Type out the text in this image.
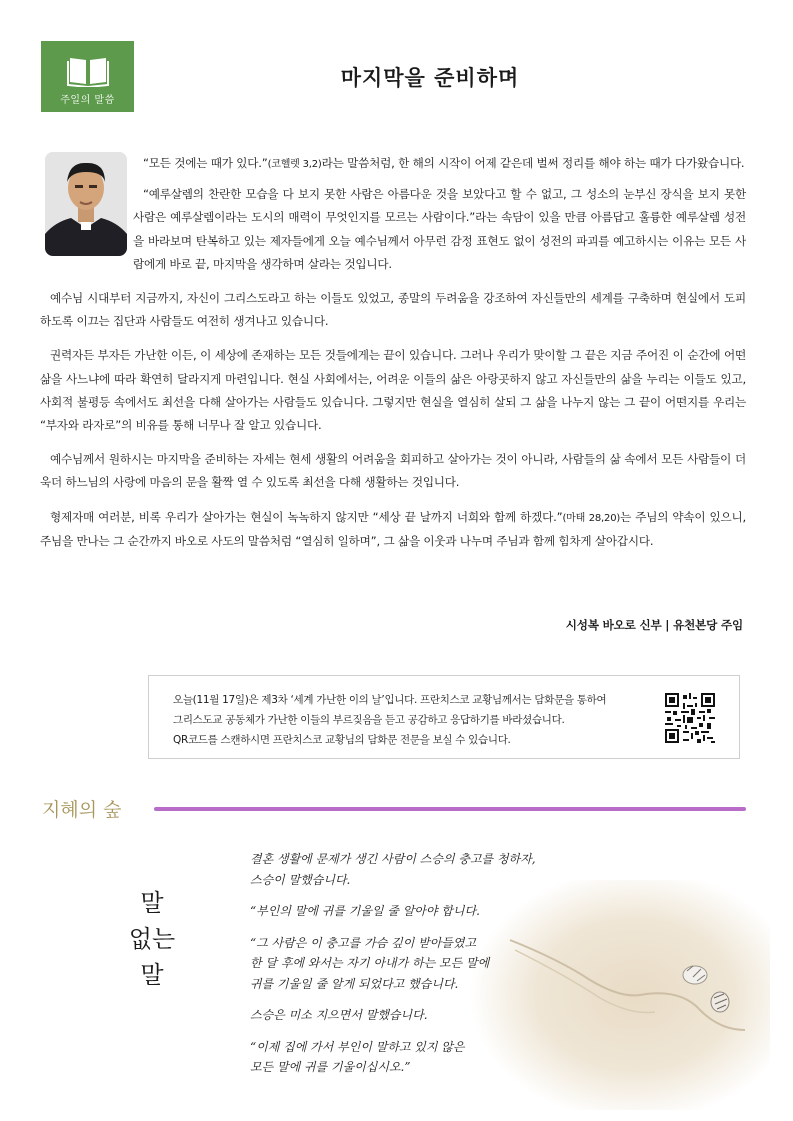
주일의 말씀
마지막을 준비하며

“모든 것에는 때가 있다.”(코헬렛 3,2)라는 말씀처럼, 한 해의 시작이 어제 같은데 벌써 정리를 해야 하는 때가 다가왔습니다.

“예루살렘의 찬란한 모습을 다 보지 못한 사람은 아름다운 것을 보았다고 할 수 없고, 그 성소의 눈부신 장식을 보지 못한 사람은 예루살렘이라는 도시의 매력이 무엇인지를 모르는 사람이다.”라는 속담이 있을 만큼 아름답고 훌륭한 예루살렘 성전을 바라보며 탄복하고 있는 제자들에게 오늘 예수님께서 아무런 감정 표현도 없이 성전의 파괴를 예고하시는 이유는 모든 사람에게 바로 끝, 마지막을 생각하며 살라는 것입니다.

예수님 시대부터 지금까지, 자신이 그리스도라고 하는 이들도 있었고, 종말의 두려움을 강조하여 자신들만의 세계를 구축하며 현실에서 도피하도록 이끄는 집단과 사람들도 여전히 생겨나고 있습니다.

권력자든 부자든 가난한 이든, 이 세상에 존재하는 모든 것들에게는 끝이 있습니다. 그러나 우리가 맞이할 그 끝은 지금 주어진 이 순간에 어떤 삶을 사느냐에 따라 확연히 달라지게 마련입니다. 현실 사회에서는, 어려운 이들의 삶은 아랑곳하지 않고 자신들만의 삶을 누리는 이들도 있고, 사회적 불평등 속에서도 최선을 다해 살아가는 사람들도 있습니다. 그렇지만 현실을 열심히 살되 그 삶을 나누지 않는 그 끝이 어떤지를 우리는 “부자와 라자로”의 비유를 통해 너무나 잘 알고 있습니다.

예수님께서 원하시는 마지막을 준비하는 자세는 현세 생활의 어려움을 회피하고 살아가는 것이 아니라, 사람들의 삶 속에서 모든 사람들이 더욱더 하느님의 사랑에 마음의 문을 활짝 열 수 있도록 최선을 다해 생활하는 것입니다.

형제자매 여러분, 비록 우리가 살아가는 현실이 녹녹하지 않지만 “세상 끝 날까지 너희와 함께 하겠다.”(마태 28,20)는 주님의 약속이 있으니, 주님을 만나는 그 순간까지 바오로 사도의 말씀처럼 “열심히 일하며”, 그 삶을 이웃과 나누며 주님과 함께 힘차게 살아갑시다.

시성복 바오로 신부 | 유천본당 주임
오늘(11월 17일)은 제3차 ‘세계 가난한 이의 날’입니다. 프란치스코 교황님께서는 담화문을 통하여
그리스도교 공동체가 가난한 이들의 부르짖음을 듣고 공감하고 응답하기를 바라셨습니다.
QR코드를 스캔하시면 프란치스코 교황님의 담화문 전문을 보실 수 있습니다.
지혜의 숲
말
없는
말

결혼 생활에 문제가 생긴 사람이 스승의 충고를 청하자,
스승이 말했습니다.

“부인의 말에 귀를 기울일 줄 알아야 합니다.

“그 사람은 이 충고를 가슴 깊이 받아들였고
한 달 후에 와서는 자기 아내가 하는 모든 말에
귀를 기울일 줄 알게 되었다고 했습니다.

스승은 미소 지으면서 말했습니다.

“이제 집에 가서 부인이 말하고 있지 않은
모든 말에 귀를 기울이십시오.”
